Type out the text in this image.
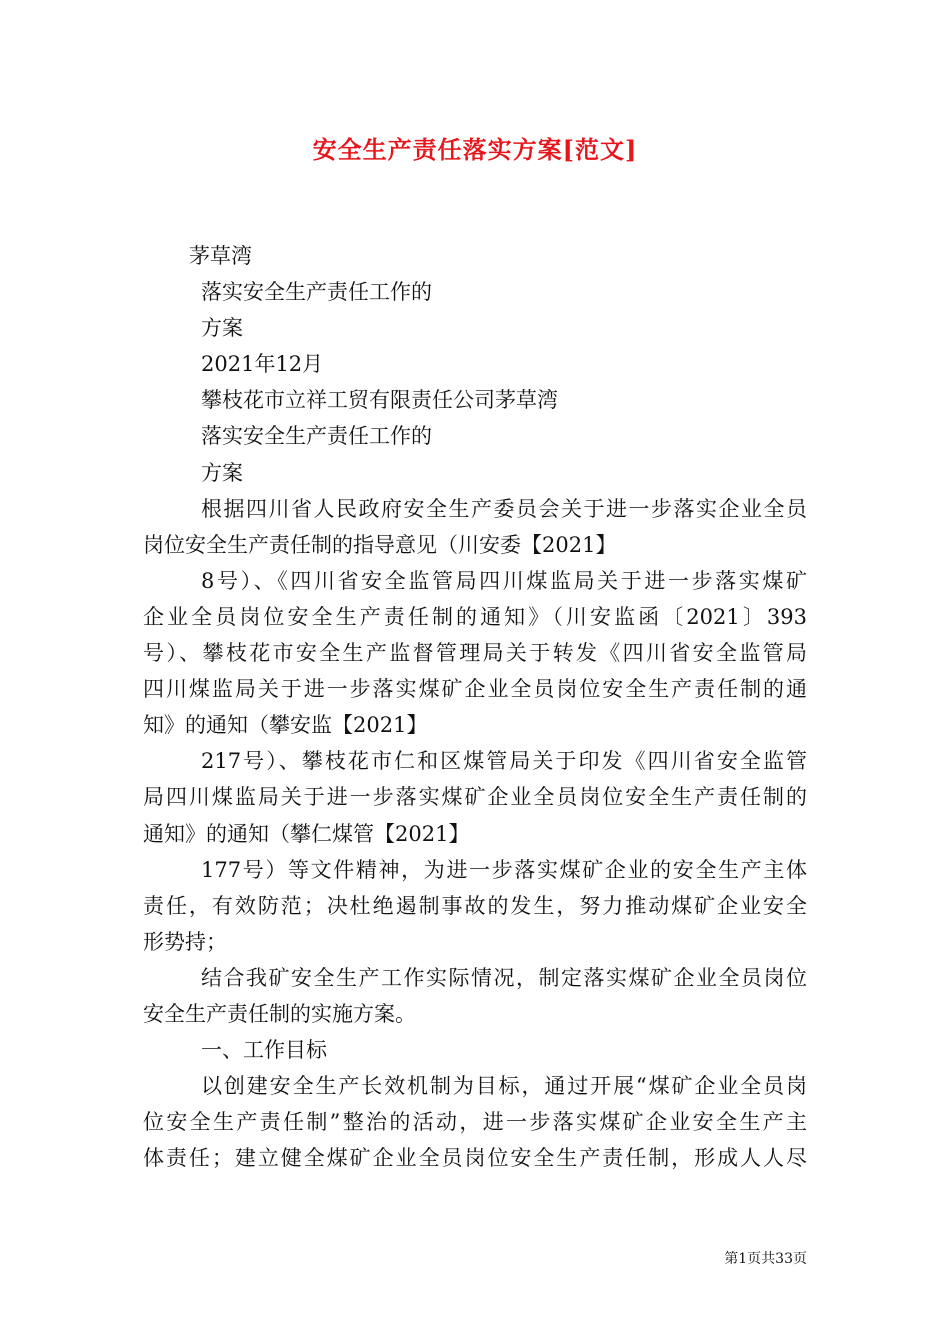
安全生产责任落实方案[范文]
茅草湾
落实安全生产责任工作的
方案
2021年12月
攀枝花市立祥工贸有限责任公司茅草湾
落实安全生产责任工作的
方案
根据四川省人民政府安全生产委员会关于进一步落实企业全员
岗位安全生产责任制的指导意见（川安委【2021】
8号）、《四川省安全监管局四川煤监局关于进一步落实煤矿
企业全员岗位安全生产责任制的通知》（川安监函〔2021〕393
号）、攀枝花市安全生产监督管理局关于转发《四川省安全监管局
四川煤监局关于进一步落实煤矿企业全员岗位安全生产责任制的通
知》的通知（攀安监【2021】
217号）、攀枝花市仁和区煤管局关于印发《四川省安全监管
局四川煤监局关于进一步落实煤矿企业全员岗位安全生产责任制的
通知》的通知（攀仁煤管【2021】
177号）等文件精神，为进一步落实煤矿企业的安全生产主体
责任，有效防范；决杜绝遏制事故的发生，努力推动煤矿企业安全
形势持；
结合我矿安全生产工作实际情况，制定落实煤矿企业全员岗位
安全生产责任制的实施方案。
一、工作目标
以创建安全生产长效机制为目标，通过开展“煤矿企业全员岗
位安全生产责任制”整治的活动，进一步落实煤矿企业安全生产主
体责任；建立健全煤矿企业全员岗位安全生产责任制，形成人人尽
第1页共33页
